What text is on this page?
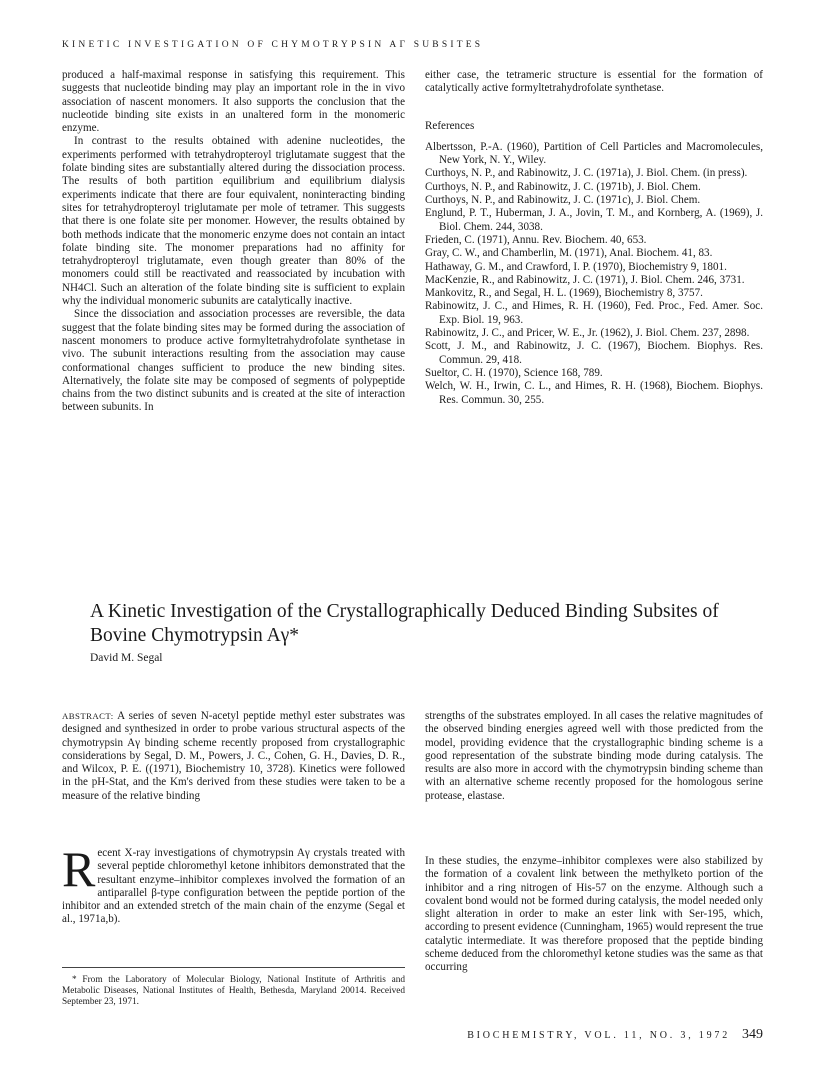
KINETIC INVESTIGATION OF CHYMOTRYPSIN AΓ SUBSITES

produced a half-maximal response in satisfying this requirement. This suggests that nucleotide binding may play an important role in the in vivo association of nascent monomers. It also supports the conclusion that the nucleotide binding site exists in an unaltered form in the monomeric enzyme.

In contrast to the results obtained with adenine nucleotides, the experiments performed with tetrahydropteroyl triglutamate suggest that the folate binding sites are substantially altered during the dissociation process. The results of both partition equilibrium and equilibrium dialysis experiments indicate that there are four equivalent, noninteracting binding sites for tetrahydropteroyl triglutamate per mole of tetramer. This suggests that there is one folate site per monomer. However, the results obtained by both methods indicate that the monomeric enzyme does not contain an intact folate binding site. The monomer preparations had no affinity for tetrahydropteroyl triglutamate, even though greater than 80% of the monomers could still be reactivated and reassociated by incubation with NH4Cl. Such an alteration of the folate binding site is sufficient to explain why the individual monomeric subunits are catalytically inactive.

Since the dissociation and association processes are reversible, the data suggest that the folate binding sites may be formed during the association of nascent monomers to produce active formyltetrahydrofolate synthetase in vivo. The subunit interactions resulting from the association may cause conformational changes sufficient to produce the new binding sites. Alternatively, the folate site may be composed of segments of polypeptide chains from the two distinct subunits and is created at the site of interaction between subunits. In

either case, the tetrameric structure is essential for the formation of catalytically active formyltetrahydrofolate synthetase.

References

Albertsson, P.-A. (1960), Partition of Cell Particles and Macromolecules, New York, N. Y., Wiley.

Curthoys, N. P., and Rabinowitz, J. C. (1971a), J. Biol. Chem. (in press).

Curthoys, N. P., and Rabinowitz, J. C. (1971b), J. Biol. Chem.

Curthoys, N. P., and Rabinowitz, J. C. (1971c), J. Biol. Chem.

Englund, P. T., Huberman, J. A., Jovin, T. M., and Kornberg, A. (1969), J. Biol. Chem. 244, 3038.

Frieden, C. (1971), Annu. Rev. Biochem. 40, 653.

Gray, C. W., and Chamberlin, M. (1971), Anal. Biochem. 41, 83.

Hathaway, G. M., and Crawford, I. P. (1970), Biochemistry 9, 1801.

MacKenzie, R., and Rabinowitz, J. C. (1971), J. Biol. Chem. 246, 3731.

Mankovitz, R., and Segal, H. L. (1969), Biochemistry 8, 3757.

Rabinowitz, J. C., and Himes, R. H. (1960), Fed. Proc., Fed. Amer. Soc. Exp. Biol. 19, 963.

Rabinowitz, J. C., and Pricer, W. E., Jr. (1962), J. Biol. Chem. 237, 2898.

Scott, J. M., and Rabinowitz, J. C. (1967), Biochem. Biophys. Res. Commun. 29, 418.

Sueltor, C. H. (1970), Science 168, 789.

Welch, W. H., Irwin, C. L., and Himes, R. H. (1968), Biochem. Biophys. Res. Commun. 30, 255.

A Kinetic Investigation of the Crystallographically Deduced Binding Subsites of Bovine Chymotrypsin Aγ*
David M. Segal

ABSTRACT: A series of seven N-acetyl peptide methyl ester substrates was designed and synthesized in order to probe various structural aspects of the chymotrypsin Aγ binding scheme recently proposed from crystallographic considerations by Segal, D. M., Powers, J. C., Cohen, G. H., Davies, D. R., and Wilcox, P. E. ((1971), Biochemistry 10, 3728). Kinetics were followed in the pH-Stat, and the Km's derived from these studies were taken to be a measure of the relative binding

strengths of the substrates employed. In all cases the relative magnitudes of the observed binding energies agreed well with those predicted from the model, providing evidence that the crystallographic binding scheme is a good representation of the substrate binding mode during catalysis. The results are also more in accord with the chymotrypsin binding scheme than with an alternative scheme recently proposed for the homologous serine protease, elastase.

Recent X-ray investigations of chymotrypsin Aγ crystals treated with several peptide chloromethyl ketone inhibitors demonstrated that the resultant enzyme–inhibitor complexes involved the formation of an antiparallel β-type configuration between the peptide portion of the inhibitor and an extended stretch of the main chain of the enzyme (Segal et al., 1971a,b).

* From the Laboratory of Molecular Biology, National Institute of Arthritis and Metabolic Diseases, National Institutes of Health, Bethesda, Maryland 20014. Received September 23, 1971.

In these studies, the enzyme–inhibitor complexes were also stabilized by the formation of a covalent link between the methylketo portion of the inhibitor and a ring nitrogen of His-57 on the enzyme. Although such a covalent bond would not be formed during catalysis, the model needed only slight alteration in order to make an ester link with Ser-195, which, according to present evidence (Cunningham, 1965) would represent the true catalytic intermediate. It was therefore proposed that the peptide binding scheme deduced from the chloromethyl ketone studies was the same as that occurring

BIOCHEMISTRY, VOL. 11, NO. 3, 1972 349
